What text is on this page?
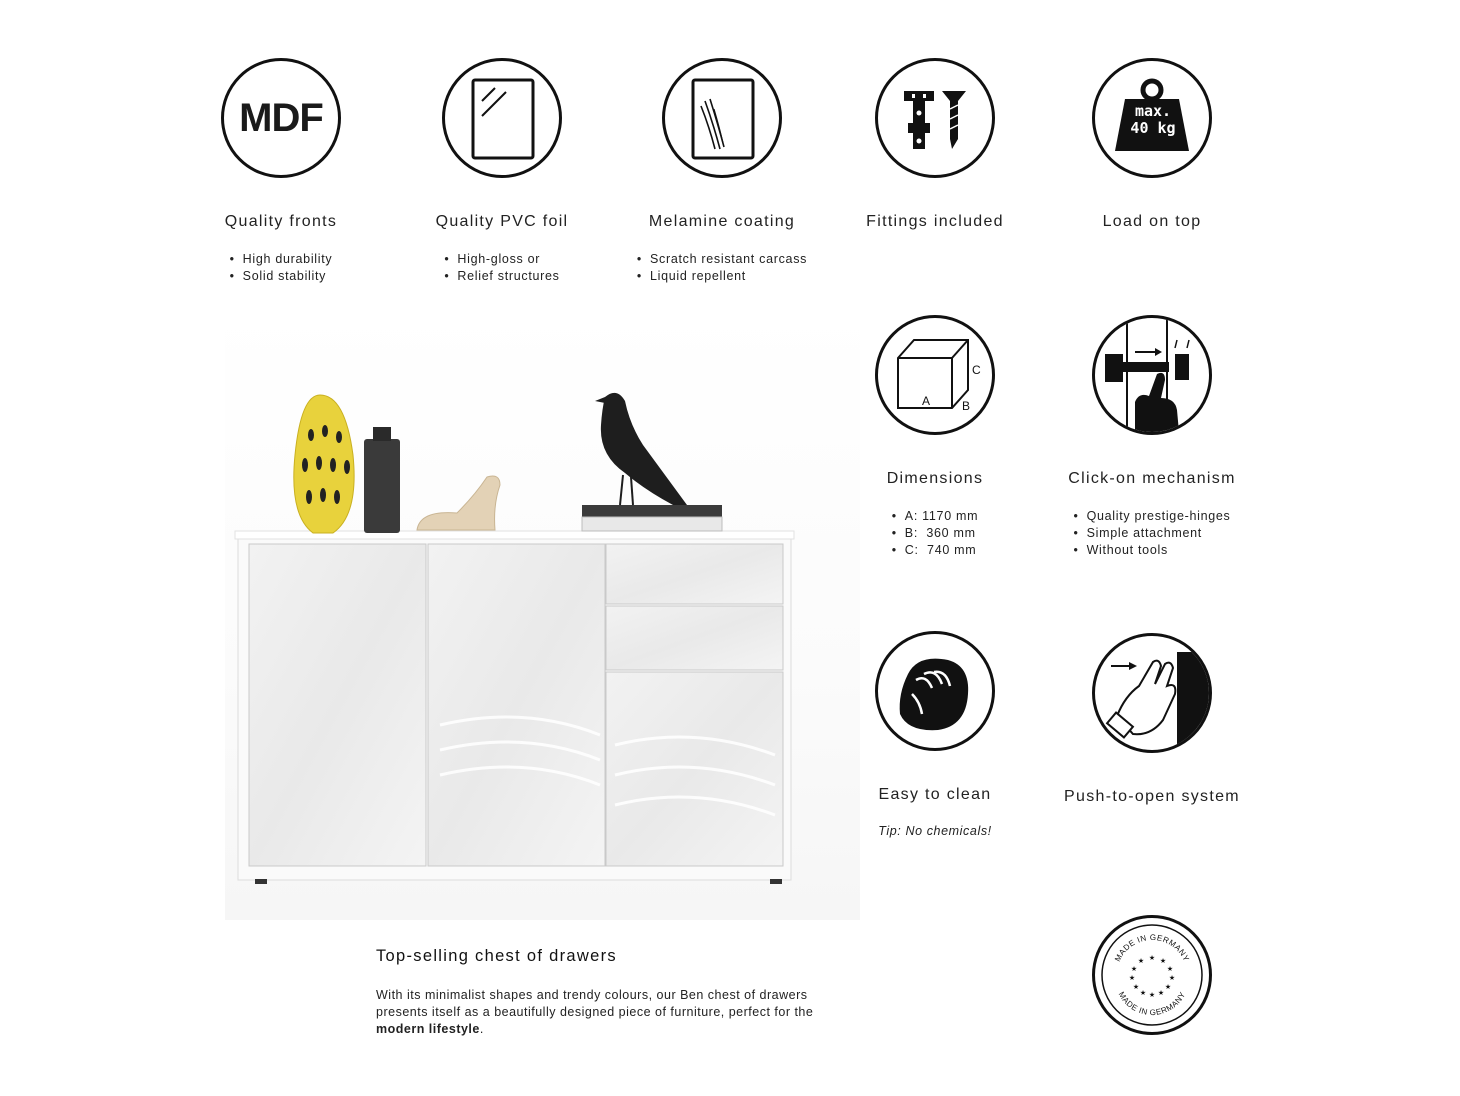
MDF
Quality fronts
• High durability
• Solid stability
Quality PVC foil
• High-gloss or
• Relief structures
Melamine coating
• Scratch resistant carcass
• Liquid repellent
Fittings included
max.
40 kg
Load on top
A	B
C
Dimensions
• A: 1170 mm
• B:  360 mm
• C:  740 mm
Click-on mechanism
• Quality prestige-hinges
• Simple attachment
• Without tools
Easy to clean
Tip: No chemicals!
Push-to-open system
MADE IN GERMANY
MADE IN GERMANY
★ ★
★
★
★
★
★
★
★
★
★
★
Top-selling chest of drawers
With its minimalist shapes and trendy colours, our Ben chest of drawers presents itself as a beautifully designed piece of furniture, perfect for the modern lifestyle.
